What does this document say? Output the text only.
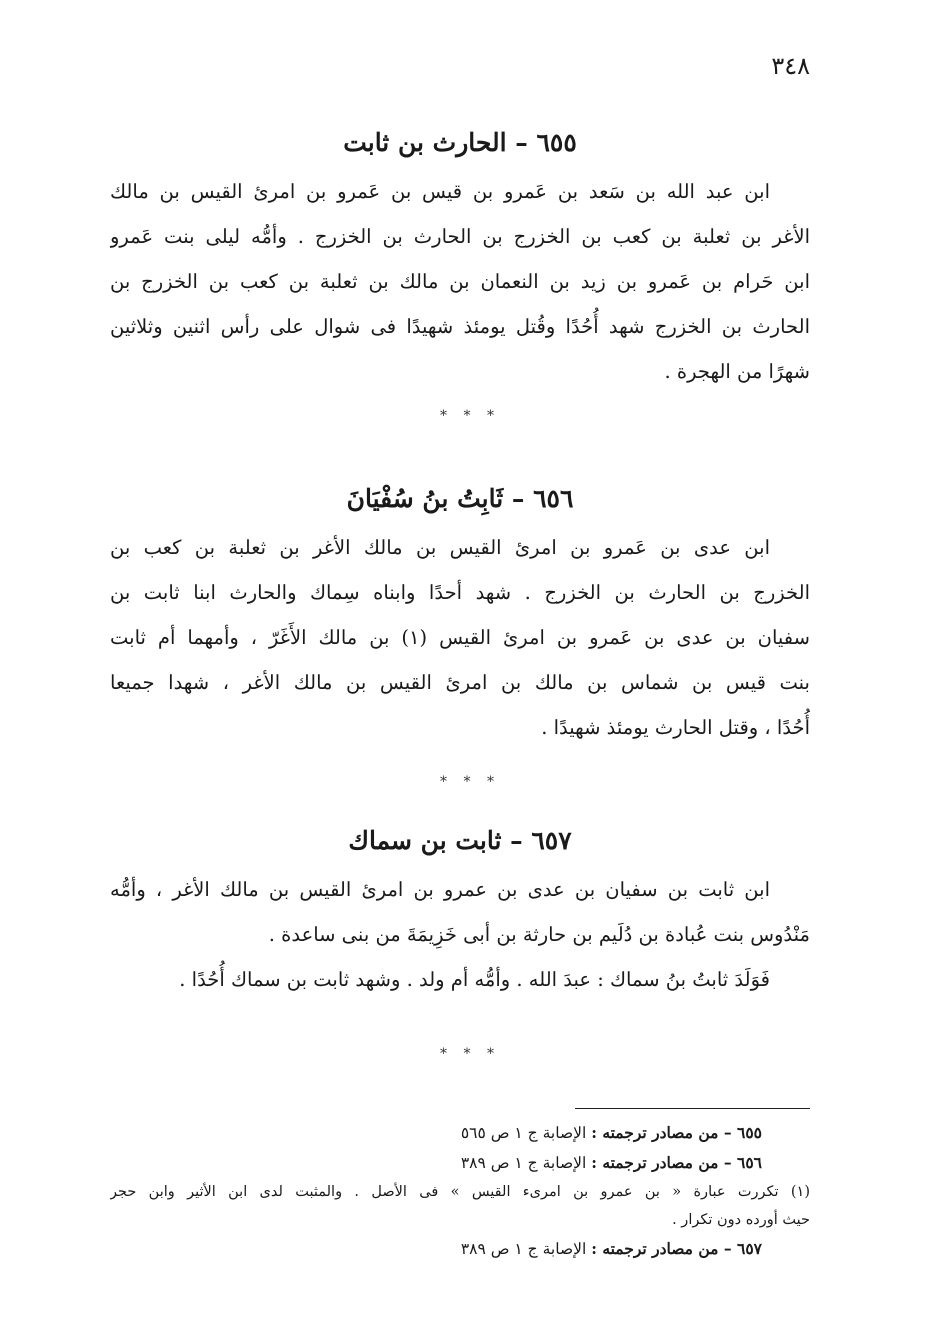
٣٤٨
٦٥٥ – الحارث بن ثابت
ابن عبد الله بن سَعد بن عَمرو بن قيس بن عَمرو بن امرئ القيس بن مالك
الأغر بن ثعلبة بن كعب بن الخزرج بن الحارث بن الخزرج . وأمُّه ليلى بنت عَمرو
ابن حَرام بن عَمرو بن زيد بن النعمان بن مالك بن ثعلبة بن كعب بن الخزرج بن
الحارث بن الخزرج شهد أُحُدًا وقُتل يومئذ شهيدًا فى شوال على رأس اثنين وثلاثين
شهرًا من الهجرة .
* * *
٦٥٦ – ثَابِتُ بنُ سُفْيَانَ
ابن عدى بن عَمرو بن امرئ القيس بن مالك الأغر بن ثعلبة بن كعب بن
الخزرج بن الحارث بن الخزرج . شهد أحدًا وابناه سِماك والحارث ابنا ثابت بن
سفيان بن عدى بن عَمرو بن امرئ القيس (١) بن مالك الأَغَرّ ، وأمهما أم ثابت
بنت قيس بن شماس بن مالك بن امرئ القيس بن مالك الأغر ، شهدا جميعا
أُحُدًا ، وقتل الحارث يومئذ شهيدًا .
* * *
٦٥٧ – ثابت بن سماك
ابن ثابت بن سفيان بن عدى بن عمرو بن امرئ القيس بن مالك الأغر ، وأمُّه
مَنْدُوس بنت عُبادة بن دُلَيم بن حارثة بن أبى خَزِيمَةَ من بنى ساعدة .
فَوَلَدَ ثابتُ بنُ سماك : عبدَ الله . وأمُّه أم ولد . وشهد ثابت بن سماك أُحُدًا .
* * *
٦٥٥ – من مصادر ترجمته : الإصابة ج ١ ص ٥٦٥
٦٥٦ – من مصادر ترجمته : الإصابة ج ١ ص ٣٨٩
(١) تكررت عبارة « بن عمرو بن امرىء القيس » فى الأصل . والمثبت لدى ابن الأثير وابن حجر
حيث أورده دون تكرار .
٦٥٧ – من مصادر ترجمته : الإصابة ج ١ ص ٣٨٩
